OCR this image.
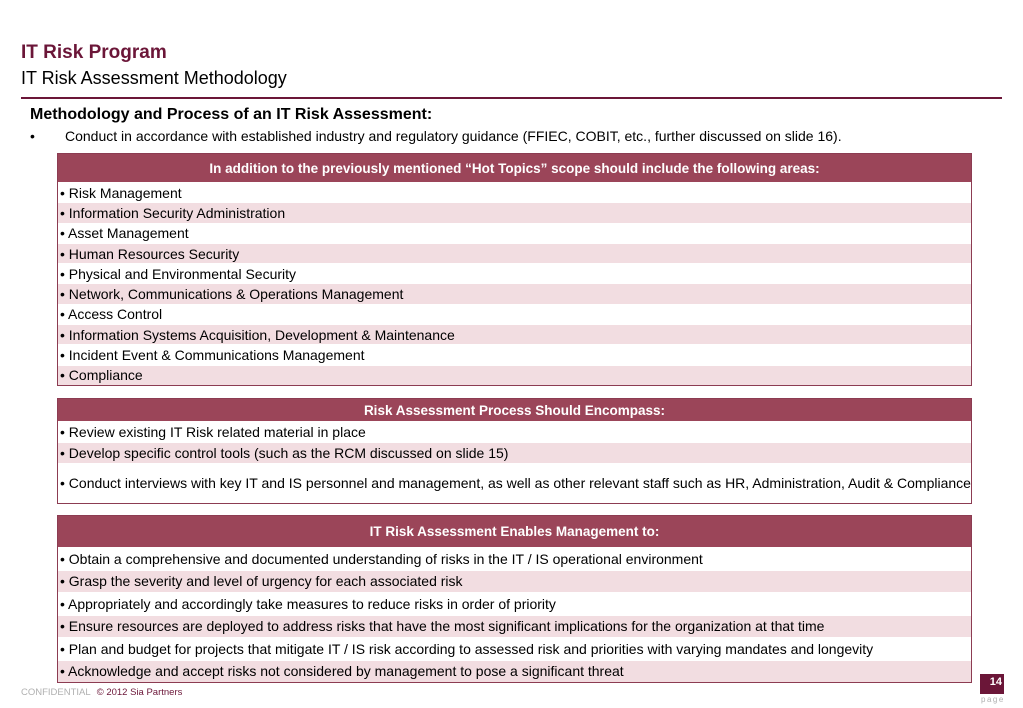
IT Risk Program
IT Risk Assessment Methodology
Methodology and Process of an IT Risk Assessment:
• Conduct in accordance with established industry and regulatory guidance (FFIEC, COBIT, etc., further discussed on slide 16).
In addition to the previously mentioned “Hot Topics” scope should include the following areas:
• Risk Management
• Information Security Administration
• Asset Management
• Human Resources Security
• Physical and Environmental Security
• Network, Communications & Operations Management
• Access Control
• Information Systems Acquisition, Development & Maintenance
• Incident Event & Communications Management
• Compliance
Risk Assessment Process Should Encompass:
• Review existing IT Risk related material in place
• Develop specific control tools (such as the RCM discussed on slide 15)
• Conduct interviews with key IT and IS personnel and management, as well as other relevant staff such as HR, Administration, Audit & Compliance
IT Risk Assessment Enables Management to:
• Obtain a comprehensive and documented understanding of risks in the IT / IS operational environment
• Grasp the severity and level of urgency for each associated risk
• Appropriately and accordingly take measures to reduce risks in order of priority
• Ensure resources are deployed to address risks that have the most significant implications for the organization at that time
• Plan and budget for projects that mitigate IT / IS risk according to assessed risk and priorities with varying mandates and longevity
• Acknowledge and accept risks not considered by management to pose a significant threat
CONFIDENTIAL © 2012 Sia Partners
14
page
